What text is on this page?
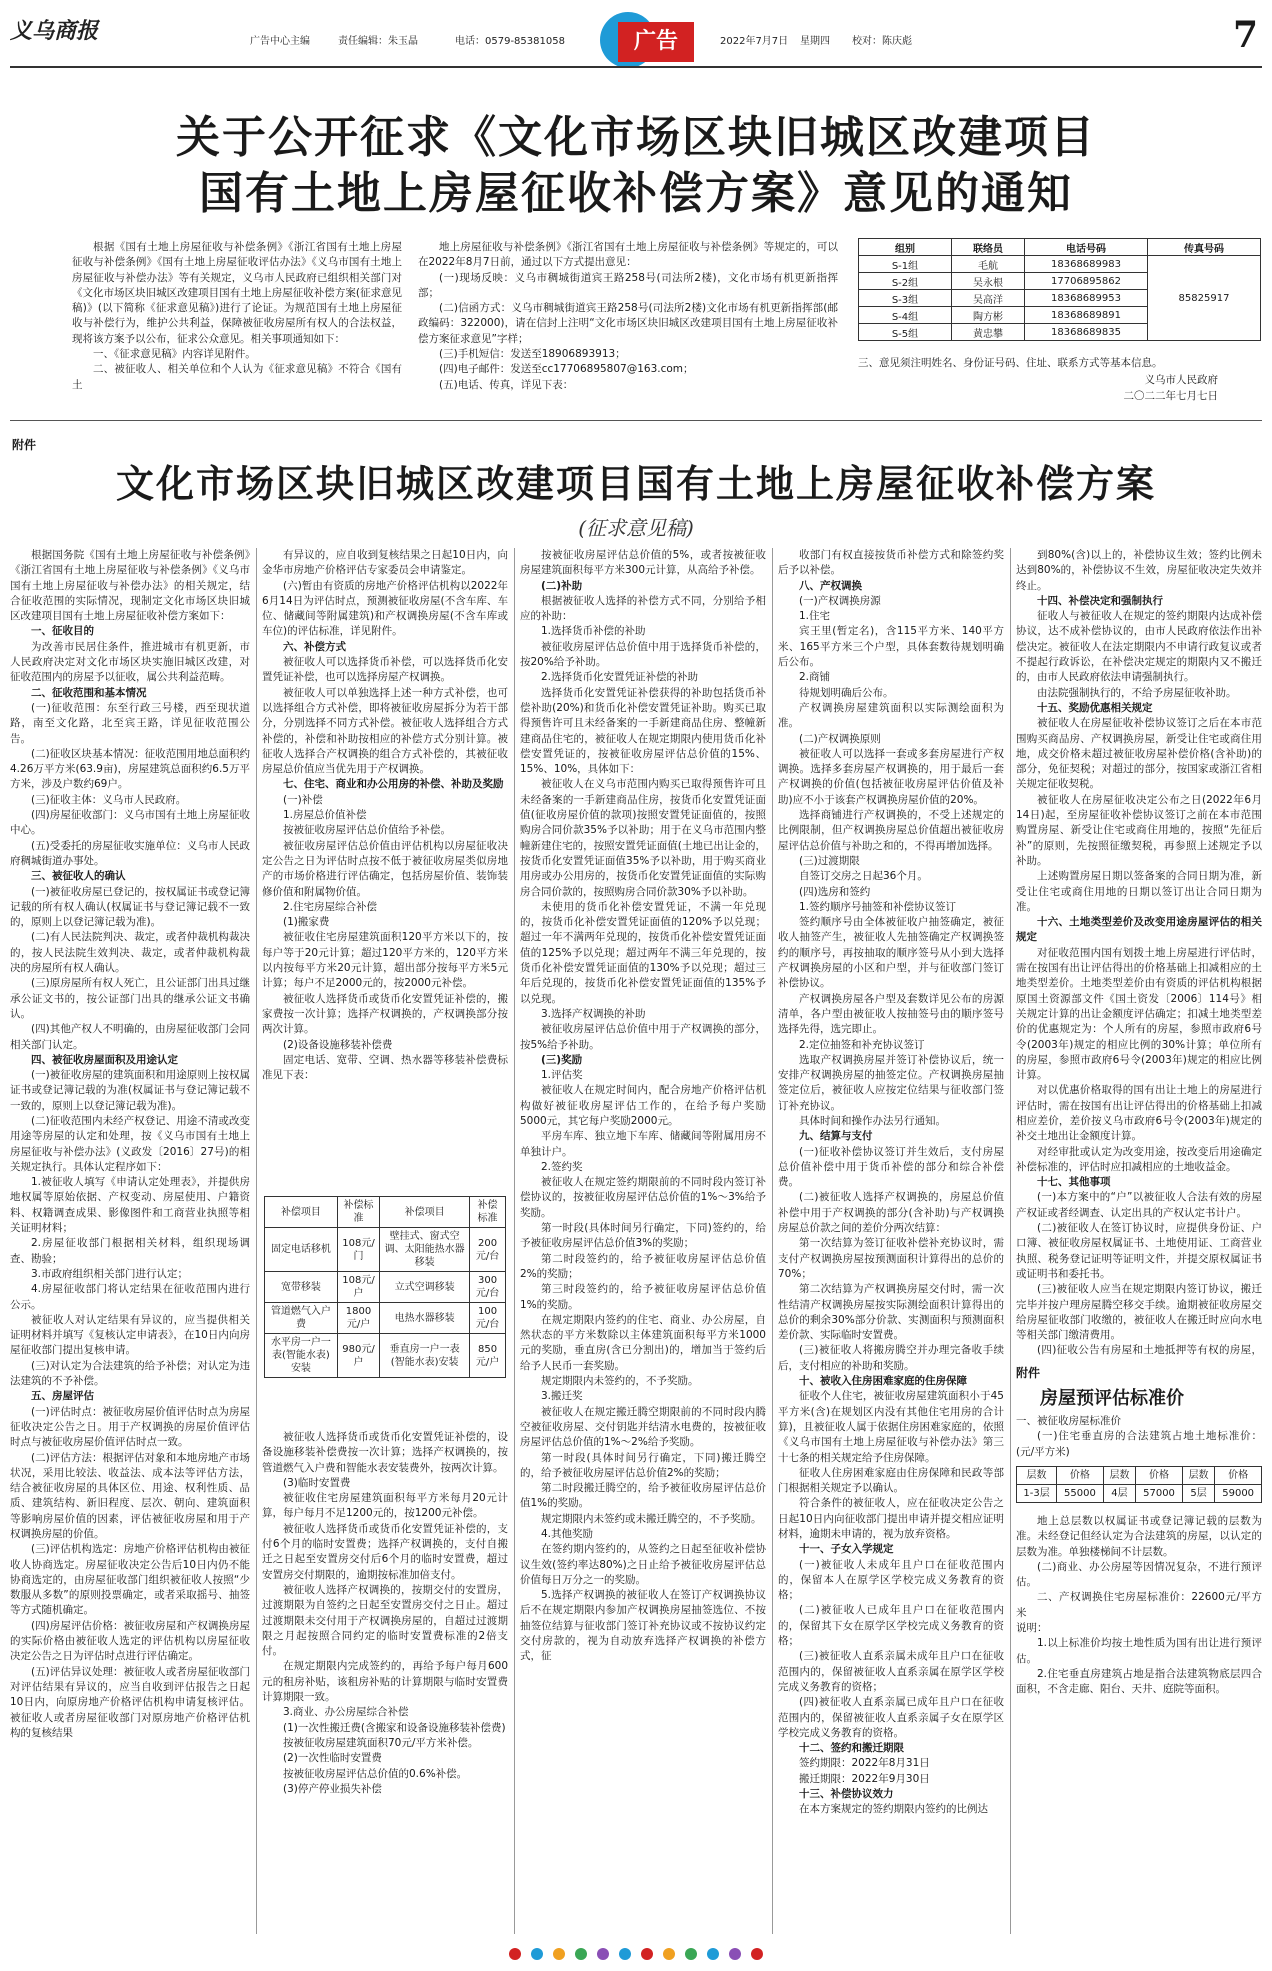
义乌商报	广告中心主编	责任编辑：朱玉晶	电话：0579-85381058	广告	2022年7月7日 星期四 校对：陈庆彪	7
关于公开征求《文化市场区块旧城区改建项目
国有土地上房屋征收补偿方案》意见的通知

根据《国有土地上房屋征收与补偿条例》《浙江省国有土地上房屋征收与补偿条例》《国有土地上房屋征收评估办法》《义乌市国有土地上房屋征收与补偿办法》等有关规定，义乌市人民政府已组织相关部门对《文化市场区块旧城区改建项目国有土地上房屋征收补偿方案(征求意见稿)》(以下简称《征求意见稿》)进行了论证。为规范国有土地上房屋征收与补偿行为，维护公共利益，保障被征收房屋所有权人的合法权益，现将该方案予以公布，征求公众意见。相关事项通知如下：

一、《征求意见稿》内容详见附件。

二、被征收人、相关单位和个人认为《征求意见稿》不符合《国有土

地上房屋征收与补偿条例》《浙江省国有土地上房屋征收与补偿条例》等规定的，可以在2022年8月7日前，通过以下方式提出意见：

(一)现场反映：义乌市稠城街道宾王路258号(司法所2楼)，文化市场有机更新指挥部；

(二)信函方式：义乌市稠城街道宾王路258号(司法所2楼)文化市场有机更新指挥部(邮政编码：322000)，请在信封上注明“文化市场区块旧城区改建项目国有土地上房屋征收补偿方案征求意见”字样；

(三)手机短信：发送至18906893913；

(四)电子邮件：发送至cc17706895807@163.com；

(五)电话、传真，详见下表：

组别	联络员	电话号码	传真号码
S-1组	毛航	18368689983	85825917
S-2组	吴永根	17706895862	
S-3组	吴高洋	18368689953	
S-4组	陶方彬	18368689891	
S-5组	黄忠攀	18368689835	

三、意见须注明姓名、身份证号码、住址、联系方式等基本信息。

义乌市人民政府
二〇二二年七月七日
附件
文化市场区块旧城区改建项目国有土地上房屋征收补偿方案
(征求意见稿)

根据国务院《国有土地上房屋征收与补偿条例》《浙江省国有土地上房屋征收与补偿条例》《义乌市国有土地上房屋征收与补偿办法》的相关规定，结合征收范围的实际情况，现制定文化市场区块旧城区改建项目国有土地上房屋征收补偿方案如下：

一、征收目的

为改善市民居住条件，推进城市有机更新，市人民政府决定对文化市场区块实施旧城区改建，对征收范围内的房屋予以征收，属公共利益范畴。

二、征收范围和基本情况

(一)征收范围：东至行政三号楼，西至现状道路，南至文化路，北至宾王路，详见征收范围公告。

(二)征收区块基本情况：征收范围用地总面积约4.26万平方米(63.9亩)，房屋建筑总面积约6.5万平方米，涉及户数约69户。

(三)征收主体：义乌市人民政府。

(四)房屋征收部门：义乌市国有土地上房屋征收中心。

(五)受委托的房屋征收实施单位：义乌市人民政府稠城街道办事处。

三、被征收人的确认

(一)被征收房屋已登记的，按权属证书或登记簿记载的所有权人确认(权属证书与登记簿记载不一致的，原则上以登记簿记载为准)。

(二)有人民法院判决、裁定，或者仲裁机构裁决的，按人民法院生效判决、裁定，或者仲裁机构裁决的房屋所有权人确认。

(三)原房屋所有权人死亡，且公证部门出具过继承公证文书的，按公证部门出具的继承公证文书确认。

(四)其他产权人不明确的，由房屋征收部门会同相关部门认定。

四、被征收房屋面积及用途认定

(一)被征收房屋的建筑面积和用途原则上按权属证书或登记簿记载的为准(权属证书与登记簿记载不一致的，原则上以登记簿记载为准)。

(二)征收范围内未经产权登记、用途不清或改变用途等房屋的认定和处理，按《义乌市国有土地上房屋征收与补偿办法》(义政发〔2016〕27号)的相关规定执行。具体认定程序如下：

1.被征收人填写《申请认定处理表》，并提供房地权属等原始依据、产权变动、房屋使用、户籍资料、权籍调查成果、影像图件和工商营业执照等相关证明材料；

2.房屋征收部门根据相关材料，组织现场调查、勘验；

3.市政府组织相关部门进行认定；

4.房屋征收部门将认定结果在征收范围内进行公示。

被征收人对认定结果有异议的，应当提供相关证明材料并填写《复核认定申请表》，在10日内向房屋征收部门提出复核申请。

(三)对认定为合法建筑的给予补偿；对认定为违法建筑的不予补偿。

五、房屋评估

(一)评估时点：被征收房屋价值评估时点为房屋征收决定公告之日。用于产权调换的房屋价值评估时点与被征收房屋价值评估时点一致。

(二)评估方法：根据评估对象和本地房地产市场状况，采用比较法、收益法、成本法等评估方法，结合被征收房屋的具体区位、用途、权利性质、品质、建筑结构、新旧程度、层次、朝向、建筑面积等影响房屋价值的因素，评估被征收房屋和用于产权调换房屋的价值。

(三)评估机构选定：房地产价格评估机构由被征收人协商选定。房屋征收决定公告后10日内仍不能协商选定的，由房屋征收部门组织被征收人按照“少数服从多数”的原则投票确定，或者采取摇号、抽签等方式随机确定。

(四)房屋评估价格：被征收房屋和产权调换房屋的实际价格由被征收人选定的评估机构以房屋征收决定公告之日为评估时点进行评估确定。

(五)评估异议处理：被征收人或者房屋征收部门对评估结果有异议的，应当自收到评估报告之日起10日内，向原房地产价格评估机构申请复核评估。被征收人或者房屋征收部门对原房地产价格评估机构的复核结果

有异议的，应自收到复核结果之日起10日内，向金华市房地产价格评估专家委员会申请鉴定。

(六)暂由有资质的房地产价格评估机构以2022年6月14日为评估时点，预测被征收房屋(不含车库、车位、储藏间等附属建筑)和产权调换房屋(不含车库或车位)的评估标准，详见附件。

六、补偿方式

被征收人可以选择货币补偿，可以选择货币化安置凭证补偿，也可以选择房屋产权调换。

被征收人可以单独选择上述一种方式补偿，也可以选择组合方式补偿，即将被征收房屋拆分为若干部分，分别选择不同方式补偿。被征收人选择组合方式补偿的，补偿和补助按相应的补偿方式分别计算。被征收人选择合产权调换的组合方式补偿的，其被征收房屋总价值应当优先用于产权调换。

七、住宅、商业和办公用房的补偿、补助及奖励

(一)补偿

1.房屋总价值补偿

按被征收房屋评估总价值给予补偿。

被征收房屋评估总价值由评估机构以房屋征收决定公告之日为评估时点按不低于被征收房屋类似房地产的市场价格进行评估确定，包括房屋价值、装饰装修价值和附属物价值。

2.住宅房屋综合补偿

(1)搬家费

被征收住宅房屋建筑面积120平方米以下的，按每户等于20元计算；超过120平方米的，120平方米以内按每平方米20元计算，超出部分按每平方米5元计算；每户不足2000元的，按2000元补偿。

被征收人选择货币或货币化安置凭证补偿的，搬家费按一次计算；选择产权调换的，产权调换部分按两次计算。

(2)设备设施移装补偿费

固定电话、宽带、空调、热水器等移装补偿费标准见下表：

补偿项目	补偿标准	补偿项目	补偿标准
固定电话移机	108元/门	壁挂式、窗式空调、太阳能热水器移装	200元/台
宽带移装	108元/户	立式空调移装	300元/台
管道燃气入户费	1800元/户	电热水器移装	100元/台
水平房一户一表(智能水表)安装	980元/户	垂直房一户一表(智能水表)安装	850元/户

被征收人选择货币或货币化安置凭证补偿的，设备设施移装补偿费按一次计算；选择产权调换的，按管道燃气入户费和智能水表安装费外，按两次计算。

(3)临时安置费

被征收住宅房屋建筑面积每平方米每月20元计算，每户每月不足1200元的，按1200元补偿。

被征收人选择货币或货币化安置凭证补偿的，支付6个月的临时安置费；选择产权调换的，支付自搬迁之日起至安置房交付后6个月的临时安置费，超过安置房交付期限的，逾期按标准加倍支付。

被征收人选择产权调换的，按期交付的安置房，过渡期限为自签约之日起至安置房交付之日止。超过过渡期限未交付用于产权调换房屋的，自超过过渡期限之月起按照合同约定的临时安置费标准的2倍支付。

在规定期限内完成签约的，再给予每户每月600元的租房补贴，该租房补贴的计算期限与临时安置费计算期限一致。

3.商业、办公房屋综合补偿

(1)一次性搬迁费(含搬家和设备设施移装补偿费)

按被征收房屋建筑面积70元/平方米补偿。

(2)一次性临时安置费

按被征收房屋评估总价值的0.6%补偿。

(3)停产停业损失补偿

按被征收房屋评估总价值的5%，或者按被征收房屋建筑面积每平方米300元计算，从高给予补偿。

(二)补助

根据被征收人选择的补偿方式不同，分别给予相应的补助：

1.选择货币补偿的补助

被征收房屋评估总价值中用于选择货币补偿的，按20%给予补助。

2.选择货币化安置凭证补偿的补助

选择货币化安置凭证补偿获得的补助包括货币补偿补助(20%)和货币化补偿安置凭证补助。购买已取得预售许可且未经备案的一手新建商品住房、整幢新建商品住宅的，被征收人在规定期限内使用货币化补偿安置凭证的，按被征收房屋评估总价值的15%、15%、10%，具体如下：

被征收人在义乌市范围内购买已取得预售许可且未经备案的一手新建商品住房，按货币化安置凭证面值(征收房屋价值的款项)按照安置凭证面值的，按照购房合同价款35%予以补助；用于在义乌市范围内整幢新建住宅的，按照安置凭证面值(土地已出让金的，按货币化安置凭证面值35%予以补助，用于购买商业用房或办公用房的，按货币化安置凭证面值的实际购房合同价款的，按照购房合同价款30%予以补助。

未使用的货币化补偿安置凭证，不满一年兑现的，按货币化补偿安置凭证面值的120%予以兑现；超过一年不满两年兑现的，按货币化补偿安置凭证面值的125%予以兑现；超过两年不满三年兑现的，按货币化补偿安置凭证面值的130%予以兑现；超过三年后兑现的，按货币化补偿安置凭证面值的135%予以兑现。

3.选择产权调换的补助

被征收房屋评估总价值中用于产权调换的部分，按5%给予补助。

(三)奖励

1.评估奖

被征收人在规定时间内，配合房地产价格评估机构做好被征收房屋评估工作的，在给予每户奖励5000元，其它每户奖励2000元。

平房车库、独立地下车库、储藏间等附属用房不单独计户。

2.签约奖

被征收人在规定签约期限前的不同时段内签订补偿协议的，按被征收房屋评估总价值的1%～3%给予奖励。

第一时段(具体时间另行确定，下同)签约的，给予被征收房屋评估总价值3%的奖励；

第二时段签约的，给予被征收房屋评估总价值2%的奖励；

第三时段签约的，给予被征收房屋评估总价值1%的奖励。

在规定期限内签约的住宅、商业、办公房屋，自然状态的平方米数除以主体建筑面积每平方米1000元的奖励，垂直房(含已分割出)的，增加当于签约后给予人民币一套奖励。

规定期限内未签约的，不予奖励。

3.搬迁奖

被征收人在规定搬迁腾空期限前的不同时段内腾空被征收房屋、交付钥匙并结清水电费的，按被征收房屋评估总价值的1%～2%给予奖励。

第一时段(具体时间另行确定，下同)搬迁腾空的，给予被征收房屋评估总价值2%的奖励；

第二时段搬迁腾空的，给予被征收房屋评估总价值1%的奖励。

规定期限内未签约或未搬迁腾空的，不予奖励。

4.其他奖励

在签约期内签约的，从签约之日起至征收补偿协议生效(签约率达80%)之日止给予被征收房屋评估总价值每日万分之一的奖励。

5.选择产权调换的被征收人在签订产权调换协议后不在规定期限内参加产权调换房屋抽签选位、不按抽签位结算与征收部门签订补充协议或不按协议约定交付房款的，视为自动放弃选择产权调换的补偿方式，征

收部门有权直接按货币补偿方式和除签约奖后予以补偿。

八、产权调换

(一)产权调换房源

1.住宅

宾王里(暂定名)，含115平方米、140平方米、165平方米三个户型，具体套数待规划明确后公布。

2.商铺

待规划明确后公布。

产权调换房屋建筑面积以实际测绘面积为准。

(二)产权调换原则

被征收人可以选择一套或多套房屋进行产权调换。选择多套房屋产权调换的，用于最后一套产权调换的价值(包括被征收房屋评估价值及补助)应不小于该套产权调换房屋价值的20%。

选择商铺进行产权调换的，不受上述规定的比例限制，但产权调换房屋总价值超出被征收房屋评估总价值与补助之和的，不得再增加选择。

(三)过渡期限

自签订交房之日起36个月。

(四)选房和签约

1.签约顺序号抽签和补偿协议签订

签约顺序号由全体被征收户抽签确定，被征收人抽签产生，被征收人先抽签确定产权调换签约的顺序号，再按抽取的顺序签号从小到大选择产权调换房屋的小区和户型，并与征收部门签订补偿协议。

产权调换房屋各户型及套数详见公布的房源清单，各户型由被征收人按抽签号由的顺序签号选择先得，选完即止。

2.定位抽签和补充协议签订

选取产权调换房屋并签订补偿协议后，统一安排产权调换房屋的抽签定位。产权调换房屋抽签定位后，被征收人应按定位结果与征收部门签订补充协议。

具体时间和操作办法另行通知。

九、结算与支付

(一)征收补偿协议签订并生效后，支付房屋总价值补偿中用于货币补偿的部分和综合补偿费。

(二)被征收人选择产权调换的，房屋总价值补偿中用于产权调换的部分(含补助)与产权调换房屋总价款之间的差价分两次结算：

第一次结算为签订征收补偿补充协议时，需支付产权调换房屋按预测面积计算得出的总价的70%；

第二次结算为产权调换房屋交付时，需一次性结清产权调换房屋按实际测绘面积计算得出的总价的剩余30%部分价款、实测面积与预测面积差价款、实际临时安置费。

(三)被征收人将搬房腾空并办理完备收手续后，支付相应的补助和奖励。

十、被收入住房困难家庭的住房保障

征收个人住宅，被征收房屋建筑面积小于45平方米(含)在规划区内没有其他住宅用房的合计算)，且被征收人属于依据住房困难家庭的，依照《义乌市国有土地上房屋征收与补偿办法》第三十七条的相关规定给予住房保障。

征收人住房困难家庭由住房保障和民政等部门根据相关规定予以确认。

符合条件的被征收人，应在征收决定公告之日起10日内向征收部门提出申请并提交相应证明材料，逾期未申请的，视为放弃资格。

十一、子女入学规定

(一)被征收人未成年且户口在征收范围内的，保留本人在原学区学校完成义务教育的资格；

(二)被征收人已成年且户口在征收范围内的，保留其下女在原学区学校完成义务教育的资格；

(三)被征收人直系亲属未成年且户口在征收范围内的，保留被征收人直系亲属在原学区学校完成义务教育的资格；

(四)被征收人直系亲属已成年且户口在征收范围内的，保留被征收人直系亲属子女在原学区学校完成义务教育的资格。

十二、签约和搬迁期限

签约期限：2022年8月31日

搬迁期限：2022年9月30日

十三、补偿协议效力

在本方案规定的签约期限内签约的比例达

到80%(含)以上的，补偿协议生效；签约比例未达到80%的，补偿协议不生效，房屋征收决定失效并终止。

十四、补偿决定和强制执行

征收人与被征收人在规定的签约期限内达成补偿协议，达不成补偿协议的，由市人民政府依法作出补偿决定。被征收人在法定期限内不申请行政复议或者不提起行政诉讼，在补偿决定规定的期限内又不搬迁的，由市人民政府依法申请强制执行。

由法院强制执行的，不给予房屋征收补助。

十五、奖励优惠相关规定

被征收人在房屋征收补偿协议签订之后在本市范围购买商品房、产权调换房屋，新受让住宅或商住用地，成交价格未超过被征收房屋补偿价格(含补助)的部分，免征契税；对超过的部分，按国家或浙江省相关规定征收契税。

被征收人在房屋征收决定公布之日(2022年6月14日)起，至房屋征收补偿协议签订之前在本市范围购置房屋、新受让住宅或商住用地的，按照“先征后补”的原则，先按照征缴契税，再参照上述规定予以补助。

上述购置房屋日期以签备案的合同日期为准，新受让住宅或商住用地的日期以签订出让合同日期为准。

十六、土地类型差价及改变用途房屋评估的相关规定

对征收范围内国有划拨土地上房屋进行评估时，需在按国有出让评估得出的价格基础上扣减相应的土地类型差价。土地类型差价由有资质的评估机构根据原国土资源部文件《国土资发〔2006〕114号》相关规定计算的出让金额度评估确定；扣减土地类型差价的优惠规定为：个人所有的房屋，参照市政府6号令(2003年)规定的相应比例的30%计算；单位所有的房屋，参照市政府6号令(2003年)规定的相应比例计算。

对以优惠价格取得的国有出让土地上的房屋进行评估时，需在按国有出让评估得出的价格基础上扣减相应差价，差价按义乌市政府6号令(2003年)规定的补交土地出让金额度计算。

对经审批或认定为改变用途，按改变后用途确定补偿标准的，评估时应扣减相应的土地收益金。

十七、其他事项

(一)本方案中的“户”以被征收人合法有效的房屋产权证或者经调查、认定出具的产权认定书计户。

(二)被征收人在签订协议时，应提供身份证、户口簿、被征收房屋权属证书、土地使用证、工商营业执照、税务登记证明等证明文件，并提交原权属证书或证明书和委托书。

(三)被征收人应当在规定期限内签订协议，搬迁完毕并按户理房屋腾空移交手续。逾期被征收房屋交给房屋征收部门收缴的，被征收人在搬迁时应向水电等相关部门缴清费用。

(四)征收公告有房屋和土地抵押等有权的房屋，

附件
房屋预评估标准价

一、被征收房屋标准价

(一)住宅垂直房的合法建筑占地土地标准价：(元/平方米)

层数	价格	层数	价格	层数	价格
1-3层	55000	4层	57000	5层	59000

地上总层数以权属证书或登记簿记载的层数为准。未经登记但经认定为合法建筑的房屋，以认定的层数为准。单独楼梯间不计层数。

(二)商业、办公房屋等因情况复杂，不进行预评估。

二、产权调换住宅房屋标准价：22600元/平方米

说明：

1.以上标准价均按土地性质为国有出让进行预评估。

2.住宅垂直房建筑占地是指合法建筑物底层四合面积，不含走廊、阳台、天井、庭院等面积。
